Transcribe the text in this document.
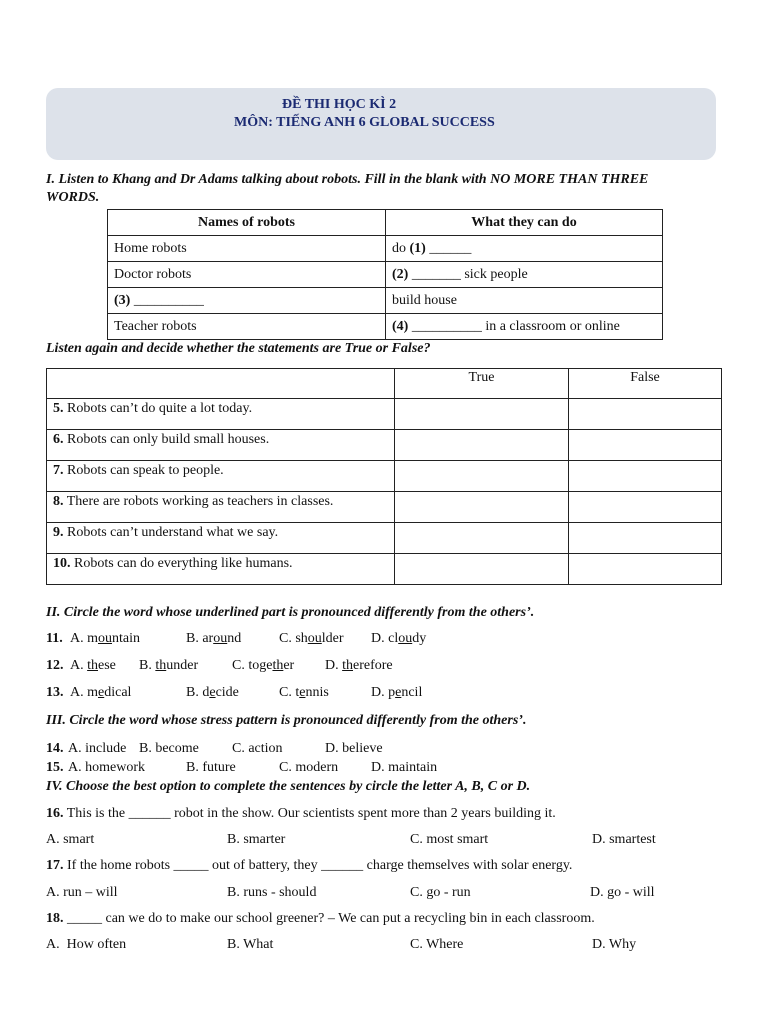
ĐỀ THI HỌC KÌ 2
MÔN: TIẾNG ANH 6 GLOBAL SUCCESS
I. Listen to Khang and Dr Adams talking about robots. Fill in the blank with NO MORE THAN THREE
WORDS.
Names of robots	What they can do
Home robots	do (1) ______
Doctor robots	(2) _______ sick people
(3) __________	build house
Teacher robots	(4) __________ in a classroom or online
Listen again and decide whether the statements are True or False?
	True	False
5. Robots can’t do quite a lot today.		
6. Robots can only build small houses.		
7. Robots can speak to people.		
8. There are robots working as teachers in classes.		
9. Robots can’t understand what we say.		
10. Robots can do everything like humans.		
II. Circle the word whose underlined part is pronounced differently from the others’.
11. A. mountain	B. around	C. shoulder D. cloudy
12. A. these B. thunder C. together D. therefore
13. A. medical	B. decide	C. tennis	D. pencil
III. Circle the word whose stress pattern is pronounced differently from the others’.
14. A. include B. become C. action	D. believe
15. A. homework	B. future	C. modern D. maintain
IV. Choose the best option to complete the sentences by circle the letter A, B, C or D.
16. This is the ______ robot in the show. Our scientists spent more than 2 years building it.
A. smart	B. smarter	C. most smart	D. smartest
17. If the home robots _____ out of battery, they ______ charge themselves with solar energy.
A. run – will	B. runs - should	C. go - run	D. go - will
18. _____ can we do to make our school greener? – We can put a recycling bin in each classroom.
A.  How often	B. What	C. Where	D. Why
